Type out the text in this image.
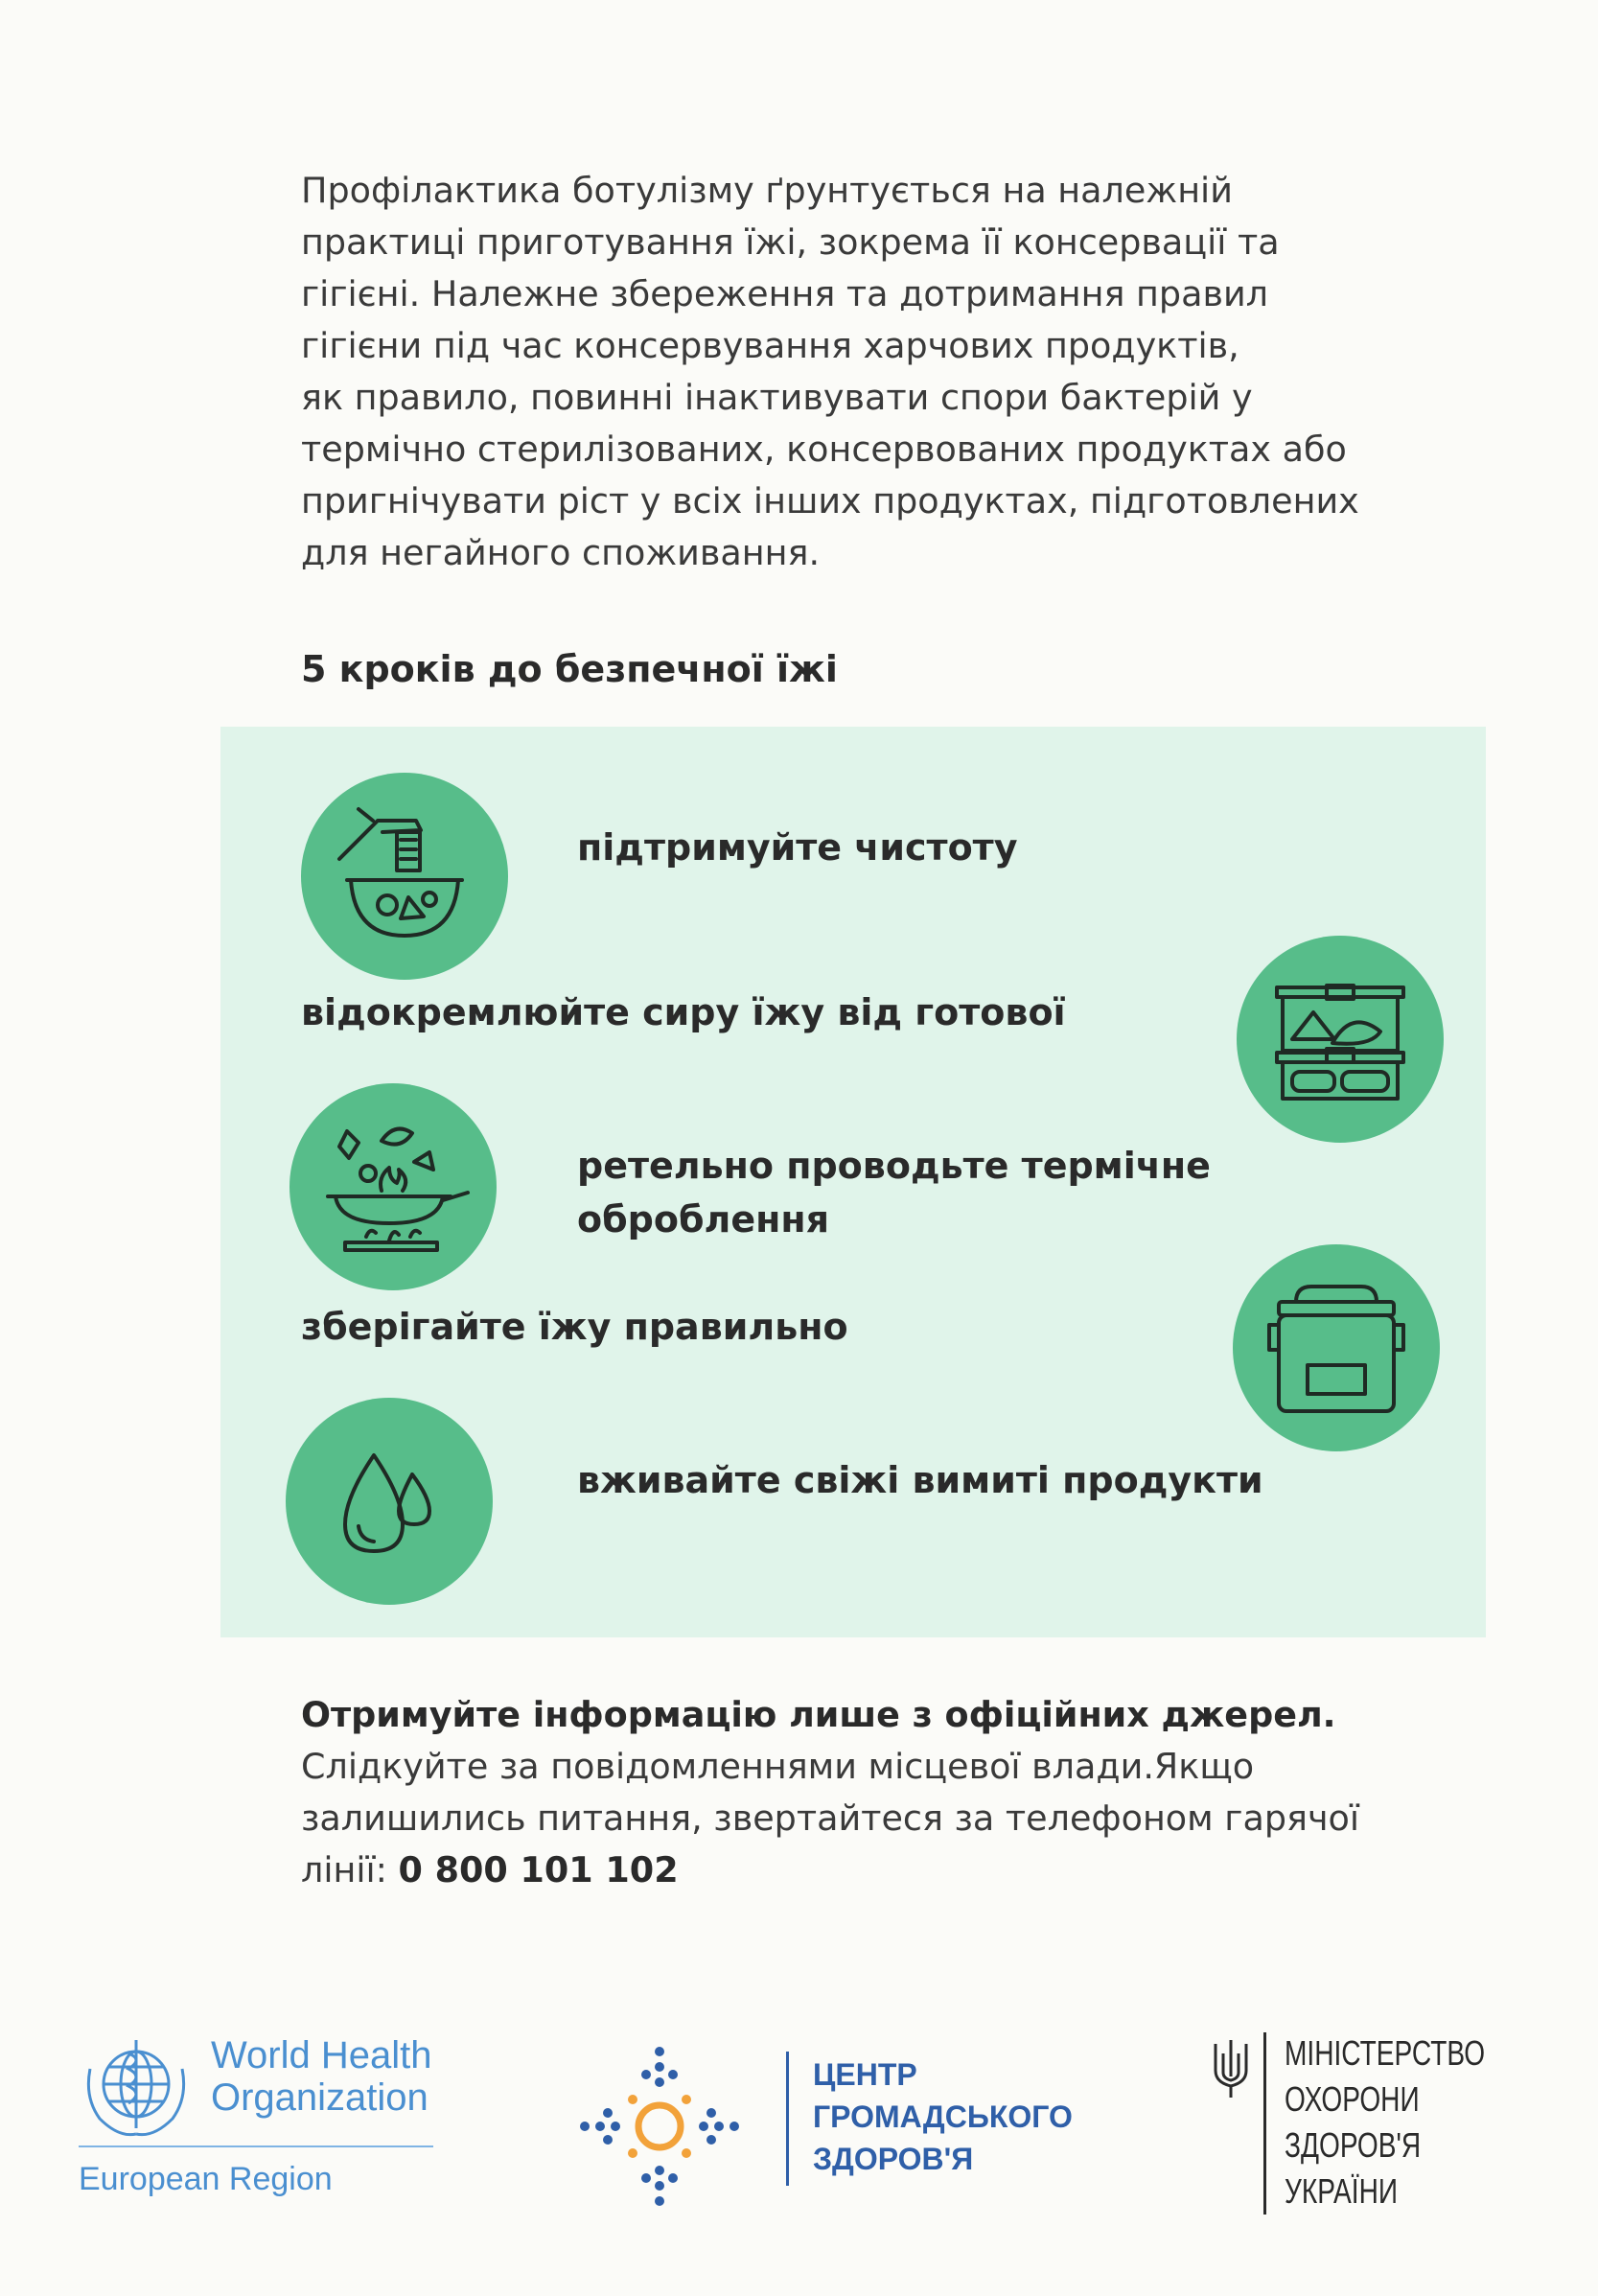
Профілактика ботулізму ґрунтується на належній

практиці приготування їжі, зокрема її консервації та

гігієні. Належне збереження та дотримання правил

гігієни під час консервування харчових продуктів,

як правило, повинні інактивувати спори бактерій у

термічно стерилізованих, консервованих продуктах або

пригнічувати ріст у всіх інших продуктах, підготовлених

для негайного споживання.

5 кроків до безпечної їжі
підтримуйте чистоту
відокремлюйте сиру їжу від готової
ретельно проводьте термічне
оброблення
зберігайте їжу правильно
вживайте свіжі вимиті продукти
Отримуйте інформацію лише з офіційних джерел.
Слідкуйте за повідомленнями місцевої влади.Якщо
залишились питання, звертайтеся за телефоном гарячої
лінії: 0 800 101 102
World Health
Organization
European Region
ЦЕНТР
ГРОМАДСЬКОГО
ЗДОРОВ'Я
МІНІСТЕРСТВО
ОХОРОНИ
ЗДОРОВ'Я
УКРАЇНИ
